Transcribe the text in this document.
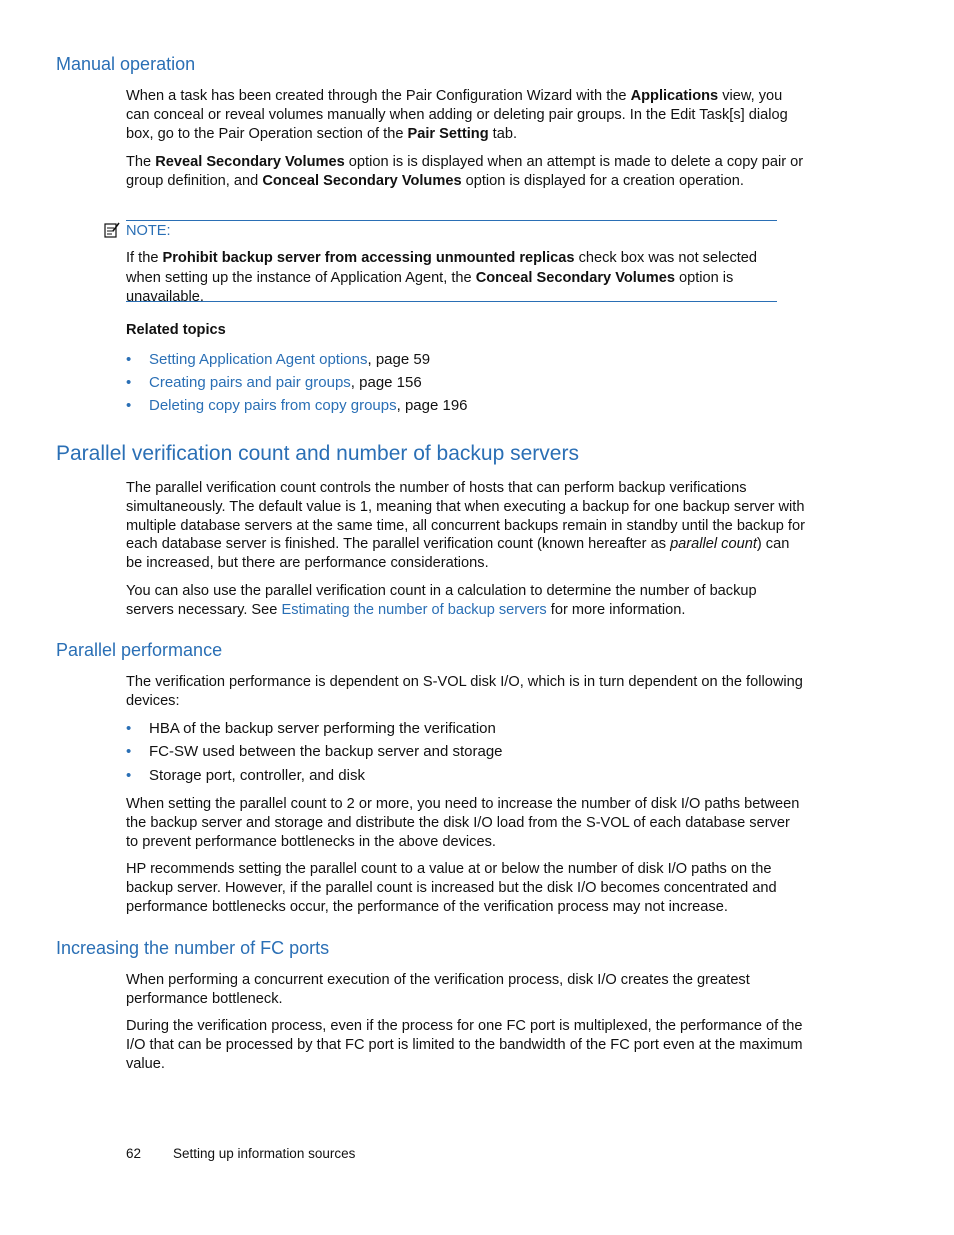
Manual operation

When a task has been created through the Pair Configuration Wizard with the Applications view, you can conceal or reveal volumes manually when adding or deleting pair groups. In the Edit Task[s] dialog box, go to the Pair Operation section of the Pair Setting tab.

The Reveal Secondary Volumes option is is displayed when an attempt is made to delete a copy pair or group definition, and Conceal Secondary Volumes option is displayed for a creation operation.

NOTE:

If the Prohibit backup server from accessing unmounted replicas check box was not selected when setting up the instance of Application Agent, the Conceal Secondary Volumes option is unavailable.

Related topics
• Setting Application Agent options, page 59
• Creating pairs and pair groups, page 156
• Deleting copy pairs from copy groups, page 196
Parallel verification count and number of backup servers

The parallel verification count controls the number of hosts that can perform backup verifications simultaneously. The default value is 1, meaning that when executing a backup for one backup server with multiple database servers at the same time, all concurrent backups remain in standby until the backup for each database server is finished. The parallel verification count (known hereafter as parallel count) can be increased, but there are performance considerations.

You can also use the parallel verification count in a calculation to determine the number of backup servers necessary. See Estimating the number of backup servers for more information.

Parallel performance

The verification performance is dependent on S-VOL disk I/O, which is in turn dependent on the following devices:

• HBA of the backup server performing the verification
• FC-SW used between the backup server and storage
• Storage port, controller, and disk

When setting the parallel count to 2 or more, you need to increase the number of disk I/O paths between the backup server and storage and distribute the disk I/O load from the S-VOL of each database server to prevent performance bottlenecks in the above devices.

HP recommends setting the parallel count to a value at or below the number of disk I/O paths on the backup server. However, if the parallel count is increased but the disk I/O becomes concentrated and performance bottlenecks occur, the performance of the verification process may not increase.

Increasing the number of FC ports

When performing a concurrent execution of the verification process, disk I/O creates the greatest performance bottleneck.

During the verification process, even if the process for one FC port is multiplexed, the performance of the I/O that can be processed by that FC port is limited to the bandwidth of the FC port even at the maximum value.

62 Setting up information sources
